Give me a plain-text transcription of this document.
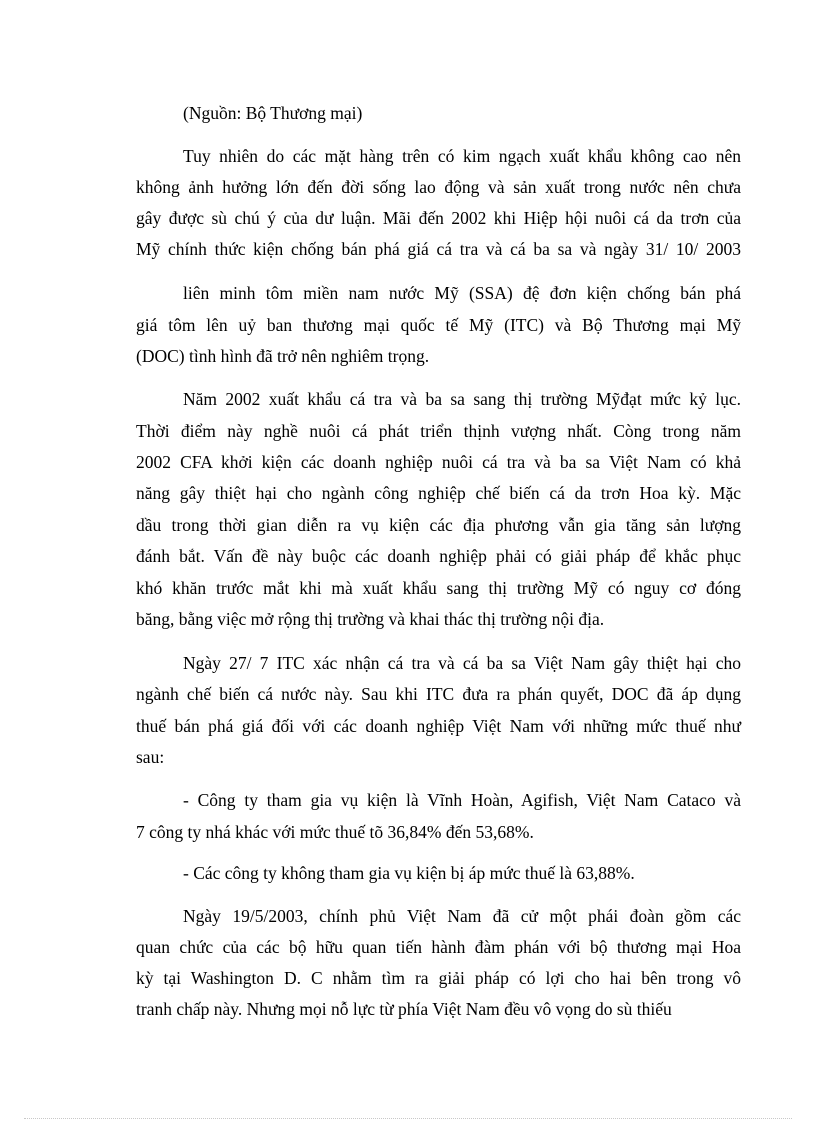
(Nguồn: Bộ Thương mại)
Tuy nhiên do các mặt hàng trên có kim ngạch xuất khẩu không cao nên
không ảnh hưởng lớn đến đời sống lao động và sản xuất trong nước nên chưa
gây được sù chú ý của dư luận. Mãi đến 2002 khi Hiệp hội nuôi cá da trơn của
Mỹ chính thức kiện chống bán phá giá cá tra và cá ba sa và ngày 31/ 10/ 2003
liên minh tôm miền nam nước Mỹ (SSA) đệ đơn kiện chống bán phá
giá tôm lên uỷ ban thương mại quốc tế Mỹ (ITC) và Bộ Thương mại Mỹ
(DOC) tình hình đã trở nên nghiêm trọng.
Năm 2002 xuất khẩu cá tra và ba sa sang thị trường Mỹđạt mức kỷ lục.
Thời điểm này nghề nuôi cá phát triển thịnh vượng nhất. Còng trong năm
2002 CFA khởi kiện các doanh nghiệp nuôi cá tra và ba sa Việt Nam có khả
năng gây thiệt hại cho ngành công nghiệp chế biến cá da trơn Hoa kỳ. Mặc
dầu trong thời gian diễn ra vụ kiện các địa phương vẫn gia tăng sản lượng
đánh bắt. Vấn đề này buộc các doanh nghiệp phải có giải pháp để khắc phục
khó khăn trước mắt khi mà xuất khẩu sang thị trường Mỹ có nguy cơ đóng
băng, bằng việc mở rộng thị trường và khai thác thị trường nội địa.
Ngày 27/ 7 ITC xác nhận cá tra và cá ba sa Việt Nam gây thiệt hại cho
ngành chế biến cá nước này. Sau khi ITC đưa ra phán quyết, DOC đã áp dụng
thuế bán phá giá đối với các doanh nghiệp Việt Nam với những mức thuế như
sau:
- Công ty tham gia vụ kiện là Vĩnh Hoàn, Agifish, Việt Nam Cataco và
7 công ty nhá khác với mức thuế tõ 36,84% đến 53,68%.
- Các công ty không tham gia vụ kiện bị áp mức thuế là 63,88%.
Ngày 19/5/2003, chính phủ Việt Nam đã cử một phái đoàn gồm các
quan chức của các bộ hữu quan tiến hành đàm phán với bộ thương mại Hoa
kỳ tại Washington D. C nhằm tìm ra giải pháp có lợi cho hai bên trong vô
tranh chấp này. Nhưng mọi nỗ lực từ phía Việt Nam đều vô vọng do sù thiếu
